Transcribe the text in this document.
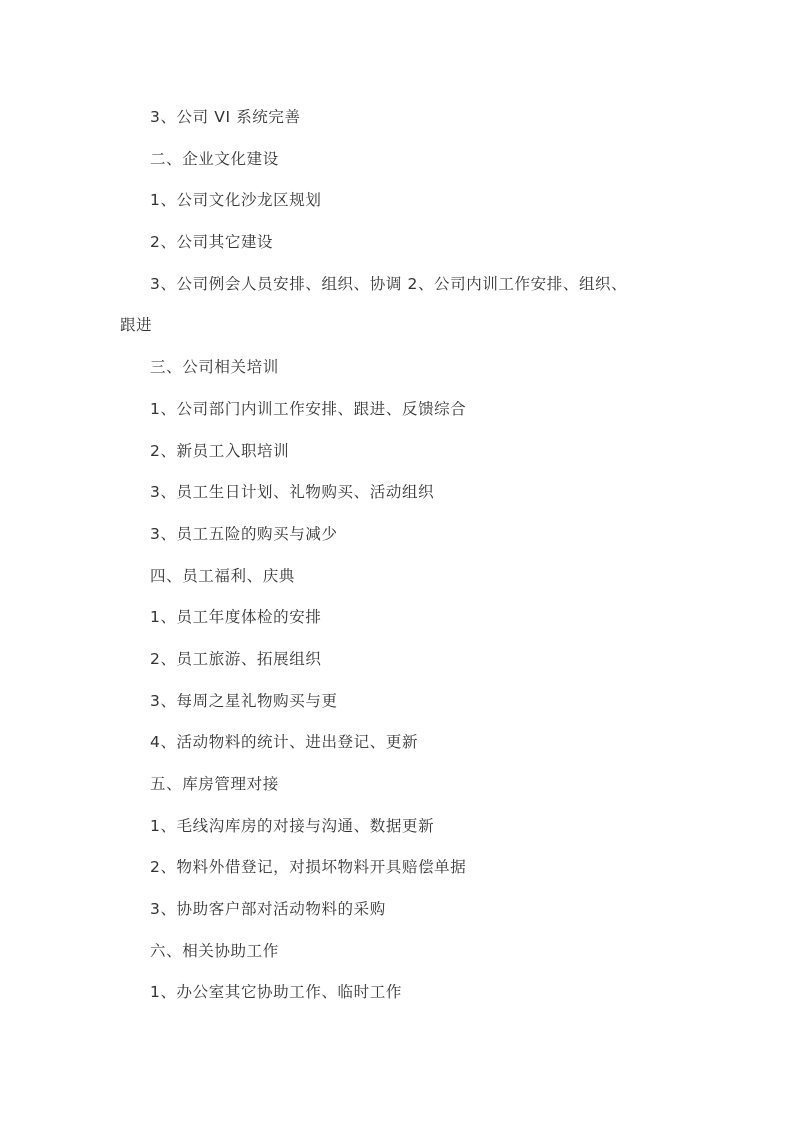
3、公司 VI 系统完善
二、企业文化建设
1、公司文化沙龙区规划
2、公司其它建设
3、公司例会人员安排、组织、协调 2、公司内训工作安排、组织、
跟进
三、公司相关培训
1、公司部门内训工作安排、跟进、反馈综合
2、新员工入职培训
3、员工生日计划、礼物购买、活动组织
3、员工五险的购买与减少
四、员工福利、庆典
1、员工年度体检的安排
2、员工旅游、拓展组织
3、每周之星礼物购买与更
4、活动物料的统计、进出登记、更新
五、库房管理对接
1、毛线沟库房的对接与沟通、数据更新
2、物料外借登记，对损坏物料开具赔偿单据
3、协助客户部对活动物料的采购
六、相关协助工作
1、办公室其它协助工作、临时工作
